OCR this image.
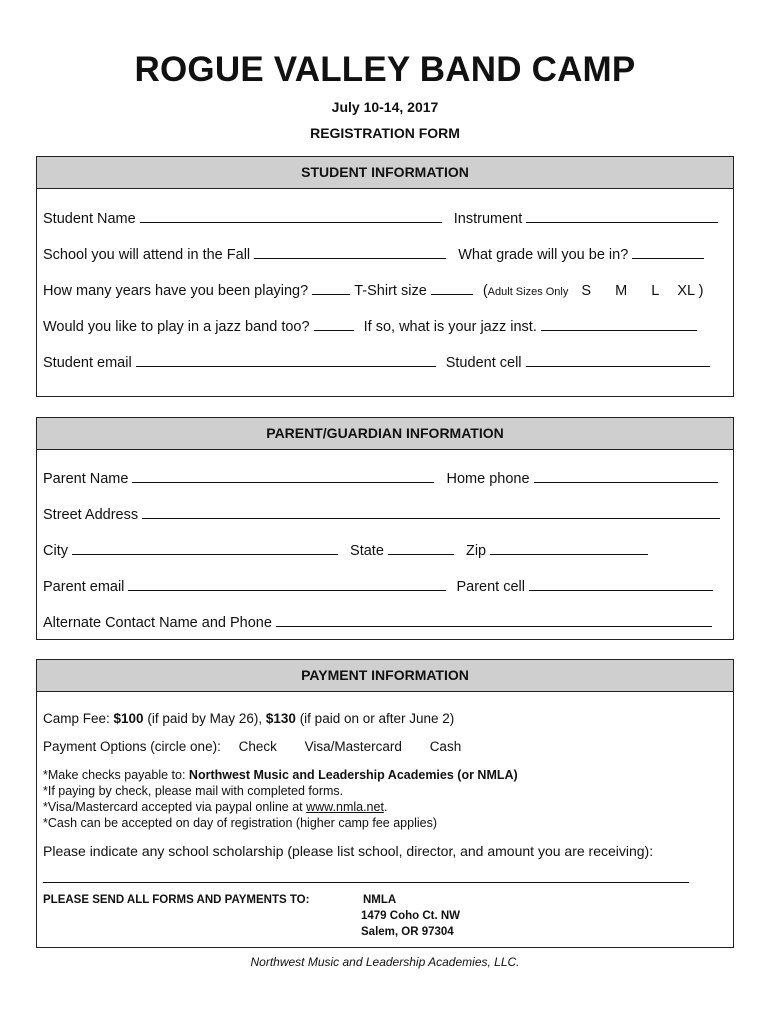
ROGUE VALLEY BAND CAMP
July 10-14, 2017
REGISTRATION FORM
STUDENT INFORMATION
Student Name	Instrument
School you will attend in the Fall	What grade will you be in?
How many years have you been playing?	T-Shirt size	(Adult Sizes Only S M L XL )
Would you like to play in a jazz band too?	If so, what is your jazz inst.
Student email	Student cell
PARENT/GUARDIAN INFORMATION
Parent Name	Home phone
Street Address
City	State	Zip
Parent email	Parent cell
Alternate Contact Name and Phone
PAYMENT INFORMATION
Camp Fee: $100 (if paid by May 26), $130 (if paid on or after June 2)
Payment Options (circle one): Check Visa/Mastercard Cash
*Make checks payable to: Northwest Music and Leadership Academies (or NMLA)
*If paying by check, please mail with completed forms.
*Visa/Mastercard accepted via paypal online at www.nmla.net.
*Cash can be accepted on day of registration (higher camp fee applies)
Please indicate any school scholarship (please list school, director, and amount you are receiving):
PLEASE SEND ALL FORMS AND PAYMENTS TO:	NMLA
1479 Coho Ct. NW
Salem, OR 97304
Northwest Music and Leadership Academies, LLC.
